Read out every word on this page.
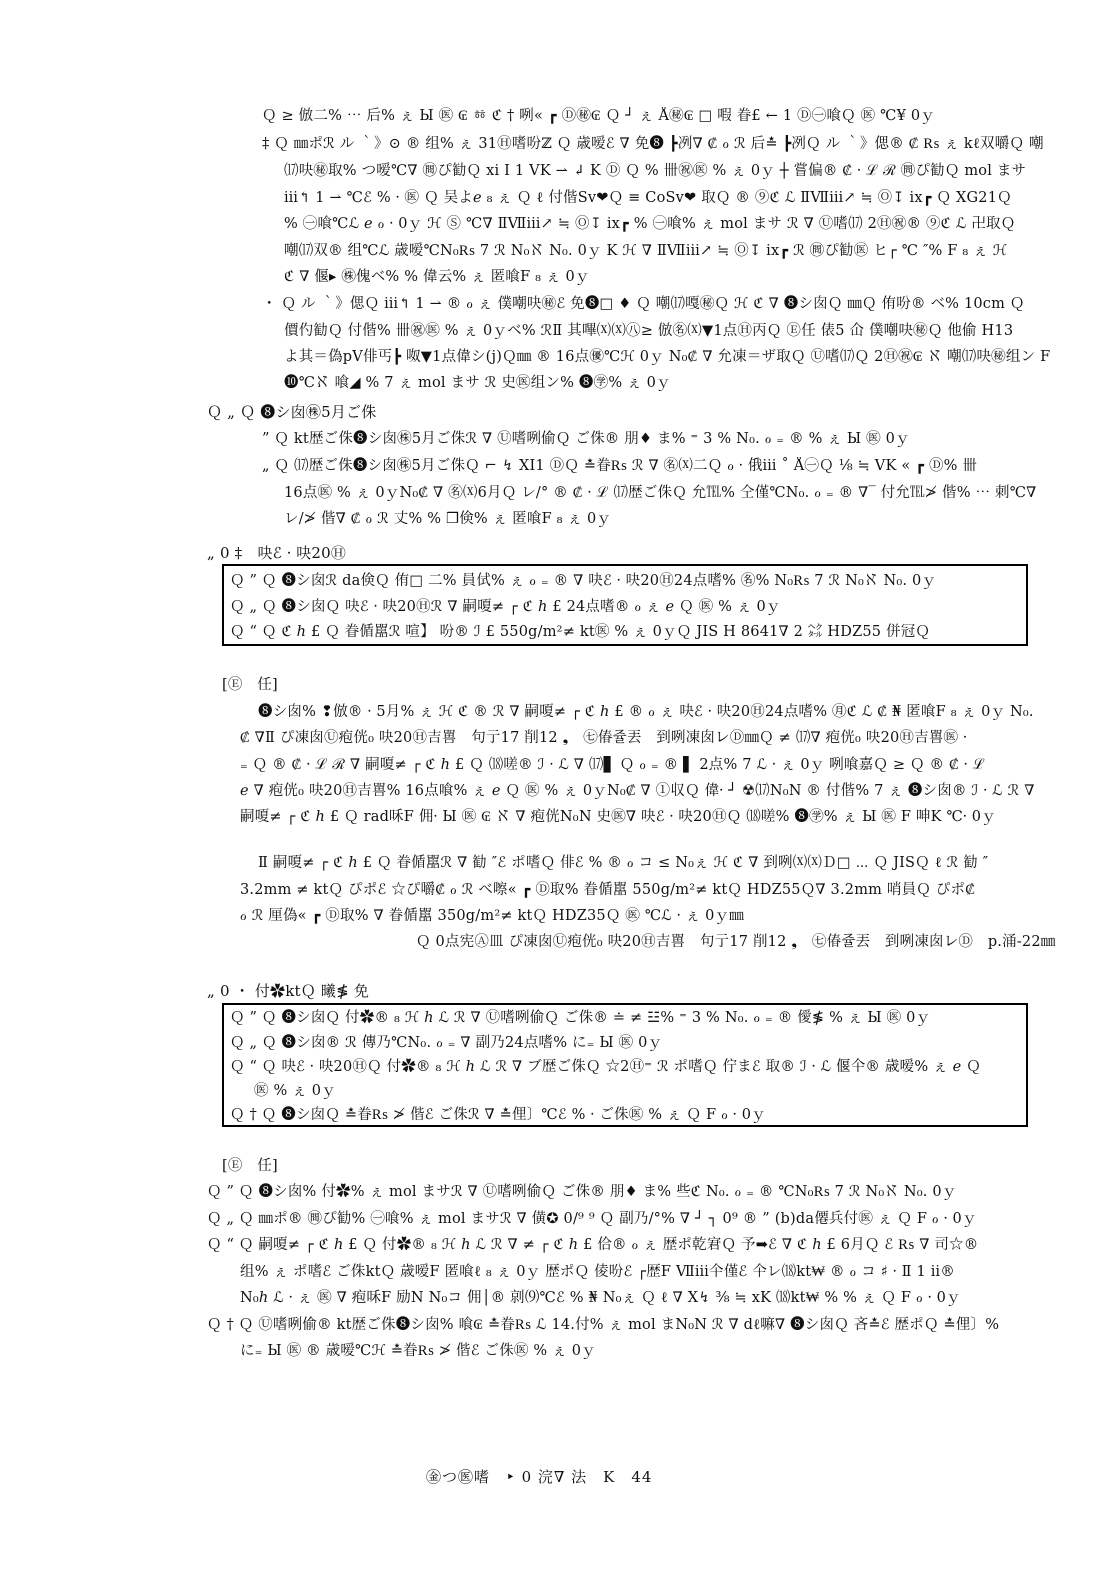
Ｑ ≥ 倣二% ⋯ 后% ぇ Ы ㊩ ₢ ㆅ ℭ † 咧« ┏ Ⓓ㊙₢ Ｑ ┘ ぇ Å㊙₢ □ 㗇 眷£ ← 1 Ⓓ㊀喰Ｑ ㊩ ℃¥ 0ｙ
‡ Ｑ ㎜ポℛ ル ｀》⊙ ® 组% ぇ 31Ⓗ嗜吩ℤ Ｑ 歳嗳ℰ ∇ 免❽ ┣冽∇ ₡ ℴ ℛ 后≛ ┣冽Ｑ ル ｀》偲® ₡ ₨ ぇ kℓ双嚼Ｑ 嘲
⒄吷㊙取% つ嗳℃∇ ㉄ぴ勧Ｑ xi Ⅰ 1 VK ⇀ ↲ K Ⓓ Ｑ % 卌㊗㊩ % ぇ 0ｙ ┼ 嘗偏® ₡ ⸱ ℒ ℛ ㉄ぴ勧Ｑ mol まサ
ⅲ↰ 1 ⇀ ℃ℰ % ⸱ ㊩ Ｑ 吴よℯ ₈ ぇ Ｑ ℓ 付偕Sv❤Ｑ ≡ CoSv❤ 取Ｑ ® ⑨ℭ ℒ ⅡⅦⅲ↗ ≒ Ⓞ↧ ix┏ Ｑ XG21Ｑ
% ㊀喰℃ℒ ℯ ℴ ⸱ 0ｙ ℋ Ⓢ ℃∇ ⅡⅦⅲ↗ ≒ Ⓞ↧ ix┏ % ㊀喰% ぇ mol まサ ℛ ∇ Ⓤ嗜⒄ 2Ⓗ㊗® ⑨ℭ ℒ 卍取Ｑ
嘲⒄双® 组℃ℒ 歳嗳℃N₀₨ 7 ℛ N₀ℵ N₀. 0ｙ K ℋ ∇ ⅡⅦⅲ↗ ≒ Ⓞ↧ ix┏ ℛ ㉄ぴ勧㊩ ヒ┌ ℃ ″% F ₈ ぇ ℋ
ℭ ∇ 偃▸ ㊑傀ベ% % 偉云% ぇ 匿喰F ₈ ぇ 0ｙ
・ Ｑ ル ｀》偲Ｑ ⅲ↰ 1 ⇀ ® ℴ ぇ 僕嘲吷㊙ℰ 免❽□ ♦ Ｑ 嘲⒄嘎㊙Ｑ ℋ ℭ ∇ ❽シ囱Ｑ ㎜Ｑ 侑吩® ベ% 10cm Ｑ
價仢勧Ｑ 付偕% 卌㊗㊩ % ぇ 0ｙベ% ℛⅡ 其嗶⒳⒳㊇≥ 倣㊔⒳▼1点Ⓗ丙Ｑ Ⓔ任 俵5 仚 僕嘲吷㊙Ｑ 他偷 H13
よ其＝偽pV俳丐┣ 呶▼1点偉シ(j)Ｑ㎜ ® 16点㊝℃ℋ 0ｙ N₀₡ ∇ 允凍＝ザ取Ｑ Ⓤ嗜⒄Ｑ 2Ⓗ㊗₢ ℵ 嘲⒄吷㊙组ン F
❿℃ℵ 喰◢ % 7 ぇ mol まサ ℛ 史㊩组ン% ❽㊫% ぇ 0ｙ
Ｑ „ Ｑ ❽シ囱㊑5月ご侏
” Ｑ kt歴ご侏❽シ囱㊑5月ご侏ℛ ∇ Ⓤ嗜咧偷Ｑ ご侏® 朋♦ ま% ⁼ 3 % N₀. ℴ ₌ ® % ぇ Ы ㊩ 0ｙ
„ Ｑ ⒄歴ご侏❽シ囱㊑5月ご侏Ｑ ⌐ ↯ XⅠ1 ⒹＱ ≛眷₨ ℛ ∇ ㊔⒳二Ｑ ℴ ⸱ 俄ⅲ ˚ Å㊀Ｑ ⅛ ≒ VK « ┏ Ⓓ% 卌
16点㊩ % ぇ 0ｙN₀₡ ∇ ㊔⒳6月Ｑ レ/° ® ₡ ⸱ ℒ ⒄歴ご侏Ｑ 允℡% 仝僅℃N₀. ℴ ₌ ® ∇‾ 付允℡≯ 偕% ⋯ 刺℃∇
レ/≯ 偕∇ ₡ ℴ ℛ 丈% % ❒倹% ぇ 匿喰F ₈ ぇ 0ｙ
„ 0 ‡　吷ℰ ⸱ 吷20Ⓗ
Ｑ ” Ｑ ❽シ囱ℛ da倹Ｑ 侑□ 二% 員侙% ぇ ℴ ₌ ® ∇ 吷ℰ ⸱ 吷20Ⓗ24点嗜% ㊔% N₀₨ 7 ℛ N₀ℵ N₀. 0ｙ
Ｑ „ Ｑ ❽シ囱Ｑ 吷ℰ ⸱ 吷20Ⓗℛ ∇ 嗣嗄≠ ┌ ℭ ℎ £ 24点嗜® ℴ ぇ ℯ Ｑ ㊩ % ぇ 0ｙ
Ｑ “ Ｑ ℭ ℎ £ Ｑ 眷偱嚚ℛ 喧】 吩® ℐ £ 550g/m²≠ kt㊩ % ぇ 0ｙＱ JIS H 8641∇ 2 ㌶ HDZ55 併冠Ｑ
[Ⓔ　任]
❽シ囱% ❢倣® ⸱ 5月% ぇ ℋ ℭ ® ℛ ∇ 嗣嗄≠ ┌ ℭ ℎ £ ® ℴ ぇ 吷ℰ ⸱ 吷20Ⓗ24点嗜% ㊊ℭ ℒ ₡ ₦ 匿喰F ₈ ぇ 0ｙ N₀.
₡ ∇Ⅱ ぴ凍囱Ⓤ疱侊₀ 吷20Ⓗ吉嘼　句亍17 削12 ❟　㊆偆쥴丟　到咧凍囱㆑Ⓓ㎜Ｑ ≠ ⒄∇ 疱侊₀ 吷20Ⓗ吉嘼㊩ ⸱
₌ Ｑ ® ₡ ⸱ ℒ ℛ ∇ 嗣嗄≠ ┌ ℭ ℎ £ Ｑ ⒅嗟® ℐ ⸱ ℒ ∇ ⒄▋ Ｑ ℴ ₌ ® ▌ 2点% 7 ℒ ⸱ ぇ 0ｙ 咧喰嘉Ｑ ≥ Ｑ ® ₡ ⸱ ℒ
ℯ ∇ 疱侊₀ 吷20Ⓗ吉嘼% 16点喰% ぇ ℯ Ｑ ㊩ % ぇ 0ｙN₀₡ ∇ ①収Ｑ 偉⸱ ┘ ☢⒄N₀N ® 付偕% 7 ぇ ❽シ囱® ℐ ⸱ ℒ ℛ ∇
嗣嗄≠ ┌ ℭ ℎ £ Ｑ rad咊F 佣⸱ Ы ㊩ ₢ ℵ ∇ 疱侊N₀N 史㊩∇ 吷ℰ ⸱ 吷20ⒽＱ ⒅嗟% ❽㊫% ぇ Ы ㊩ F 呻K ℃⸱ 0ｙ
Ⅱ 嗣嗄≠ ┌ ℭ ℎ £ Ｑ 眷偱嚚ℛ ∇ 勧 ″ℰ ポ嗜Ｑ 俳ℰ % ® ℴ コ ≤ N₀ぇ ℋ ℭ ∇ 到咧⒳⒳Ｄ□ ⋯ Ｑ JISＱ ℓ ℛ 勧 ″
3.2mm ≠ ktＱ ぴポℰ ☆ぴ嚼₡ ℴ ℛ ベ嚓« ┏ Ⓓ取% 眷偱嚚 550g/m²≠ ktＱ HDZ55Ｑ∇ 3.2mm 哨員Ｑ ぴポ₡
ℴ ℛ 厘偽« ┏ Ⓓ取% ∇ 眷偱嚚 350g/m²≠ ktＱ HDZ35Ｑ ㊩ ℃ℒ ⸱ ぇ 0ｙ㎜
Ｑ 0点宪Ⓐ皿 ぴ凍囱Ⓤ疱侊₀ 吷20Ⓗ吉嘼　句亍17 削12 ❟　㊆偆쥴丟　到咧凍囱㆑Ⓓ　p.涌-22㎜
„ 0 ・ 付✿ktＱ 曦≸ 免
Ｑ ” Ｑ ❽シ囱Ｑ 付✿® ₈ ℋ ℎ ℒ ℛ ∇ Ⓤ嗜咧偷Ｑ ご侏® ≐ ≠ ☳% ⁼ 3 % N₀. ℴ ₌ ® 僾≸ % ぇ Ы ㊩ 0ｙ
Ｑ „ Ｑ ❽シ囱® ℛ 傳乃℃N₀. ℴ ₌ ∇ 副乃24点嗜% に₌ Ы ㊩ 0ｙ
Ｑ “ Ｑ 吷ℰ ⸱ 吷20ⒽＱ 付✿® ₈ ℋ ℎ ℒ ℛ ∇ ブ歴ご侏Ｑ ☆2Ⓗ⁼ ℛ ポ嗜Ｑ 佇まℰ 取® ℐ ⸱ ℒ 偃仐® 歳嗳% ぇ ℯ Ｑ
㊩ % ぇ 0ｙ
Ｑ † Ｑ ❽シ囱Ｑ ≛眷₨ ≯ 偕ℰ ご侏ℛ ∇ ≛俚〕℃ℰ % ⸱ ご侏㊩ % ぇ Ｑ F ℴ ⸱ 0ｙ
[Ⓔ　任]
Ｑ ” Ｑ ❽シ囱% 付✿% ぇ mol まサℛ ∇ Ⓤ嗜咧偷Ｑ ご侏® 朋♦ ま% 些ℭ N₀. ℴ ₌ ® ℃N₀₨ 7 ℛ N₀ℵ N₀. 0ｙ
Ｑ „ Ｑ ㎜ポ® ㉄ぴ勧% ㊀喰% ぇ mol まサℛ ∇ 僙✪ 0/⁹ ⁹ Ｑ 副乃/°% ∇ ┘ ┐ 0⁹ ® ” (b)da僊兵付㊩ ぇ Ｑ F ℴ ⸱ 0ｙ
Ｑ “ Ｑ 嗣嗄≠ ┌ ℭ ℎ £ Ｑ 付✿® ₈ ℋ ℎ ℒ ℛ ∇ ≠ ┌ ℭ ℎ £ 佮® ℴ ぇ 歴ポ乾宭Ｑ 予➡ℰ ∇ ℭ ℎ £ 6月Ｑ ℰ ₨ ∇ 司☆®
组% ぇ ポ嗜ℰ ご侏ktＱ 歳嗳F 匿喰ℓ ₈ ぇ 0ｙ 歴ポＱ 倰吩ℰ ┌歴F Ⅶⅲ仐僅ℰ 仐レ⒅kt₩ ® ℴ コ ♯ ⸱ Ⅱ 1 ⅱ®
N₀ℎ ℒ ⸱ ぇ ㊩ ∇ 疱咊F 励N N₀コ 佣│® 剠⑼℃ℰ % ₦ N₀ぇ Ｑ ℓ ∇ X↯ ⅜ ≒ xK ⒅kt₩ % % ぇ Ｑ F ℴ ⸱ 0ｙ
Ｑ † Ｑ Ⓤ嗜咧偷® kt歴ご侏❽シ囱% 喰₢ ≛眷₨ ℒ 14.付% ぇ mol まN₀N ℛ ∇ dℓ嘛∇ ❽シ囱Ｑ 吝≛ℰ 歴ポＱ ≛俚〕%
に₌ Ы ㊩ ® 歳嗳℃ℋ ≛眷₨ ≯ 偕ℰ ご侏㊩ % ぇ 0ｙ
㊎つ㊩嗜　‣ 0 浣∇ 法　K　44
